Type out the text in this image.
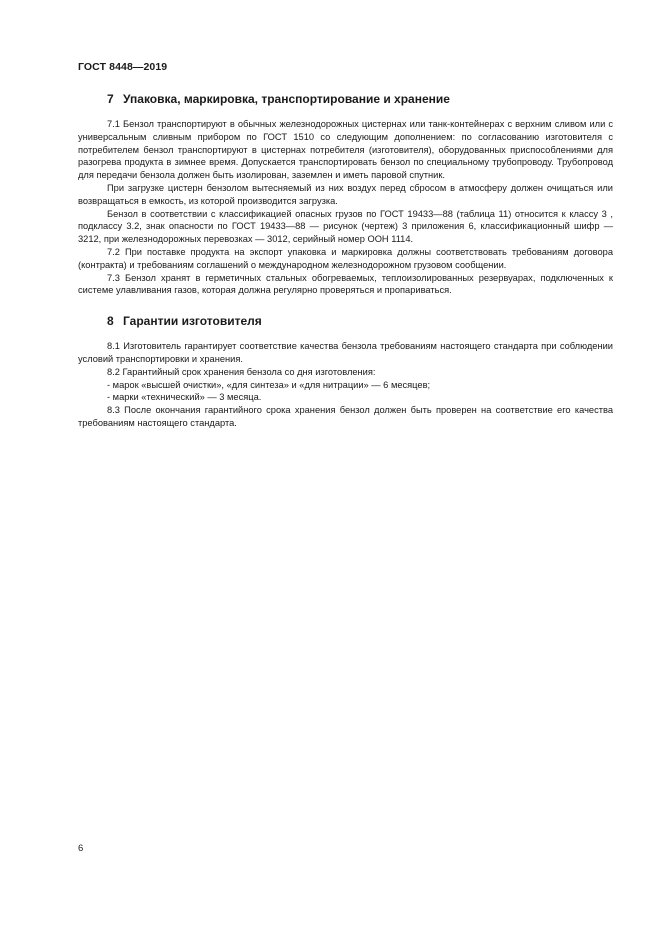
ГОСТ 8448—2019
7 Упаковка, маркировка, транспортирование и хранение

7.1 Бензол транспортируют в обычных железнодорожных цистернах или танк-контейнерах с верхним сливом или с универсальным сливным прибором по ГОСТ 1510 со следующим дополнением: по согласованию изготовителя с потребителем бензол транспортируют в цистернах потребителя (изготовителя), оборудованных приспособлениями для разогрева продукта в зимнее время. Допускается транспортировать бензол по специальному трубопроводу. Трубопровод для передачи бензола должен быть изолирован, заземлен и иметь паровой спутник.

При загрузке цистерн бензолом вытесняемый из них воздух перед сбросом в атмосферу должен очищаться или возвращаться в емкость, из которой производится загрузка.

Бензол в соответствии с классификацией опасных грузов по ГОСТ 19433—88 (таблица 11) относится к классу 3 , подклассу 3.2, знак опасности по ГОСТ 19433—88 — рисунок (чертеж) 3 приложения 6, классификационный шифр — 3212, при железнодорожных перевозках — 3012, серийный номер ООН 1114.

7.2 При поставке продукта на экспорт упаковка и маркировка должны соответствовать требованиям договора (контракта) и требованиям соглашений о международном железнодорожном грузовом сообщении.

7.3 Бензол хранят в герметичных стальных обогреваемых, теплоизолированных резервуарах, подключенных к системе улавливания газов, которая должна регулярно проверяться и пропариваться.

8 Гарантии изготовителя

8.1 Изготовитель гарантирует соответствие качества бензола требованиям настоящего стандарта при соблюдении условий транспортировки и хранения.

8.2 Гарантийный срок хранения бензола со дня изготовления:

- марок «высшей очистки», «для синтеза» и «для нитрации» — 6 месяцев;

- марки «технический» — 3 месяца.

8.3 После окончания гарантийного срока хранения бензол должен быть проверен на соответствие его качества требованиям настоящего стандарта.

6
